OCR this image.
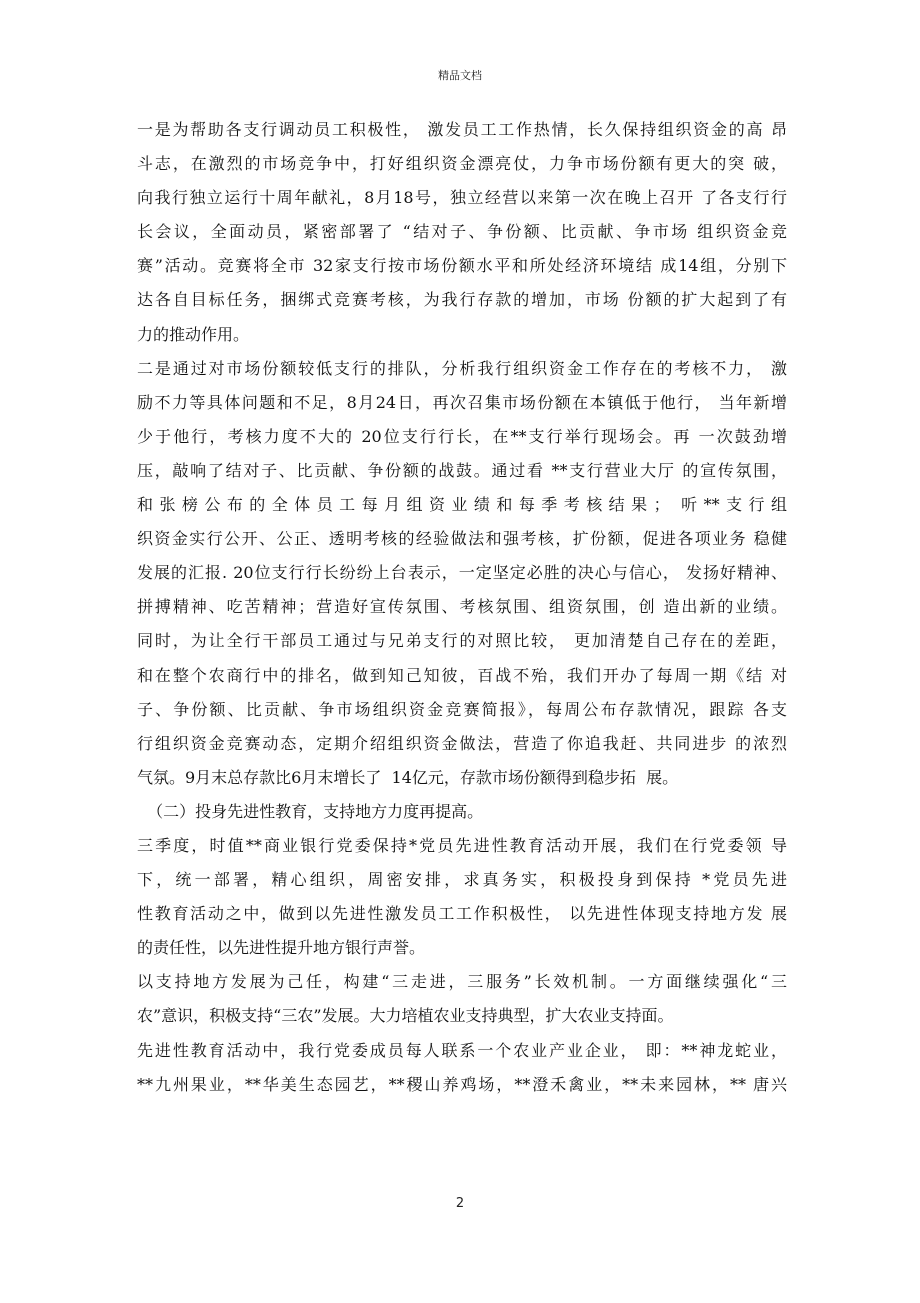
精品文档
一是为帮助各支行调动员工积极性， 激发员工工作热情，长久保持组织资金的高 昂
斗志，在激烈的市场竞争中，打好组织资金漂亮仗，力争市场份额有更大的突 破，
向我行独立运行十周年献礼，8月18号，独立经营以来第一次在晚上召开 了各支行行
长会议，全面动员，紧密部署了 “结对子、争份额、比贡献、争市场 组织资金竞
赛”活动。竞赛将全市 32家支行按市场份额水平和所处经济环境结 成14组，分别下
达各自目标任务，捆绑式竞赛考核，为我行存款的增加，市场 份额的扩大起到了有
力的推动作用。
二是通过对市场份额较低支行的排队，分析我行组织资金工作存在的考核不力， 激
励不力等具体问题和不足，8月24日，再次召集市场份额在本镇低于他行， 当年新增
少于他行，考核力度不大的 20位支行行长，在**支行举行现场会。再 一次鼓劲增
压，敲响了结对子、比贡献、争份额的战鼓。通过看 **支行营业大厅 的宣传氛围，
和张榜公布的全体员工每月组资业绩和每季考核结果； 听**支行组
织资金实行公开、公正、透明考核的经验做法和强考核，扩份额，促进各项业务 稳健
发展的汇报. 20位支行行长纷纷上台表示，一定坚定必胜的决心与信心， 发扬好精神、
拼搏精神、吃苦精神；营造好宣传氛围、考核氛围、组资氛围，创 造出新的业绩。
同时，为让全行干部员工通过与兄弟支行的对照比较， 更加清楚自己存在的差距，
和在整个农商行中的排名，做到知己知彼，百战不殆，我们开办了每周一期《结 对
子、争份额、比贡献、争市场组织资金竞赛简报》，每周公布存款情况，跟踪 各支
行组织资金竞赛动态，定期介绍组织资金做法，营造了你追我赶、共同进步 的浓烈
气氛。9月末总存款比6月末增长了  14亿元，存款市场份额得到稳步拓  展。
（二）投身先进性教育，支持地方力度再提高。
三季度，时值**商业银行党委保持*党员先进性教育活动开展，我们在行党委领 导
下，统一部署，精心组织，周密安排，求真务实，积极投身到保持 *党员先进
性教育活动之中，做到以先进性激发员工工作积极性， 以先进性体现支持地方发 展
的责任性，以先进性提升地方银行声誉。
以支持地方发展为己任，构建“三走进，三服务”长效机制。一方面继续强化“三
农”意识，积极支持“三农”发展。大力培植农业支持典型，扩大农业支持面。
先进性教育活动中，我行党委成员每人联系一个农业产业企业， 即：**神龙蛇业，
**九州果业，**华美生态园艺，**稷山养鸡场，**澄禾禽业，**未来园林，** 唐兴
2
